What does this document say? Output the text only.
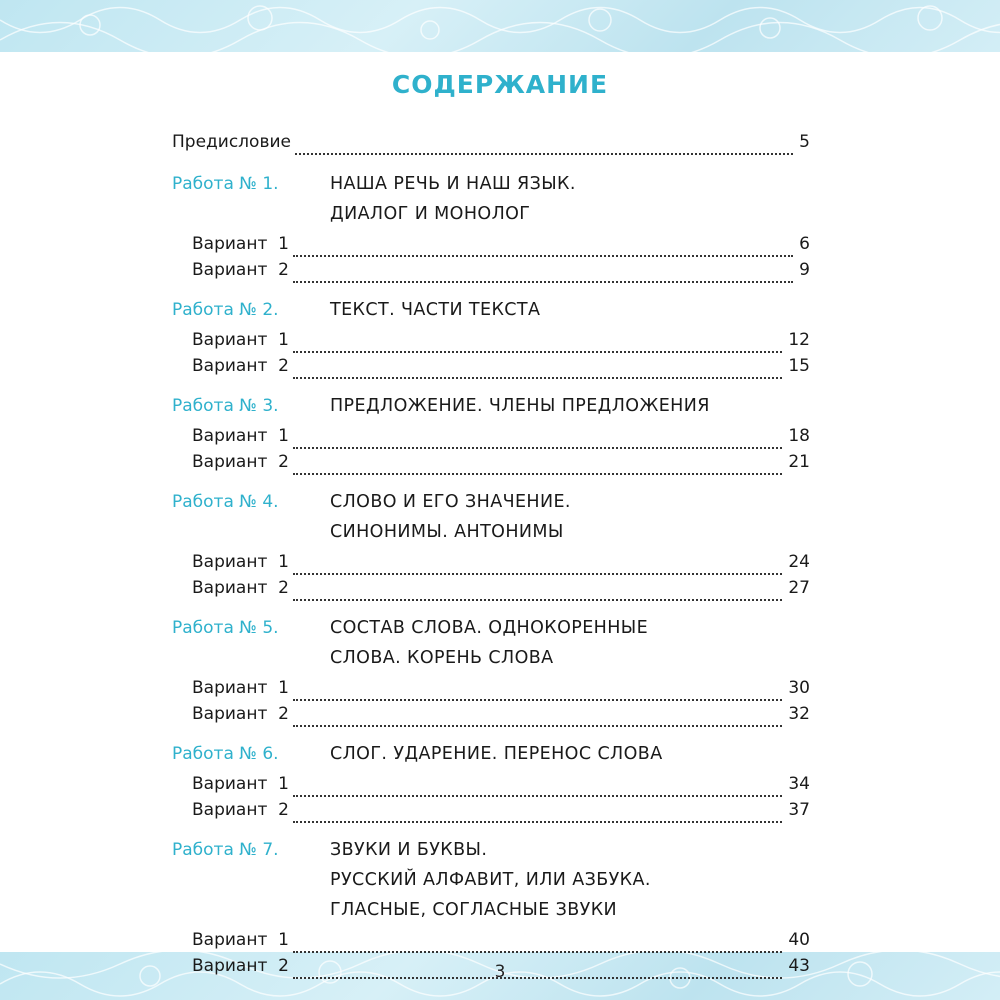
СОДЕРЖАНИЕ
Предисловие	5
Работа № 1.	НАША РЕЧЬ И НАШ ЯЗЫК.
ДИАЛОГ И МОНОЛОГ
Вариант  1	6
Вариант  2	9
Работа № 2.	ТЕКСТ. ЧАСТИ ТЕКСТА
Вариант  1	12
Вариант  2	15
Работа № 3.	ПРЕДЛОЖЕНИЕ. ЧЛЕНЫ ПРЕДЛОЖЕНИЯ
Вариант  1	18
Вариант  2	21
Работа № 4.	СЛОВО И ЕГО ЗНАЧЕНИЕ.
СИНОНИМЫ. АНТОНИМЫ
Вариант  1	24
Вариант  2	27
Работа № 5.	СОСТАВ СЛОВА. ОДНОКОРЕННЫЕ
СЛОВА. КОРЕНЬ СЛОВА
Вариант  1	30
Вариант  2	32
Работа № 6.	СЛОГ. УДАРЕНИЕ. ПЕРЕНОС СЛОВА
Вариант  1	34
Вариант  2	37
Работа № 7.	ЗВУКИ И БУКВЫ.
РУССКИЙ АЛФАВИТ, ИЛИ АЗБУКА.
ГЛАСНЫЕ, СОГЛАСНЫЕ ЗВУКИ
Вариант  1	40
Вариант  2	43
3
